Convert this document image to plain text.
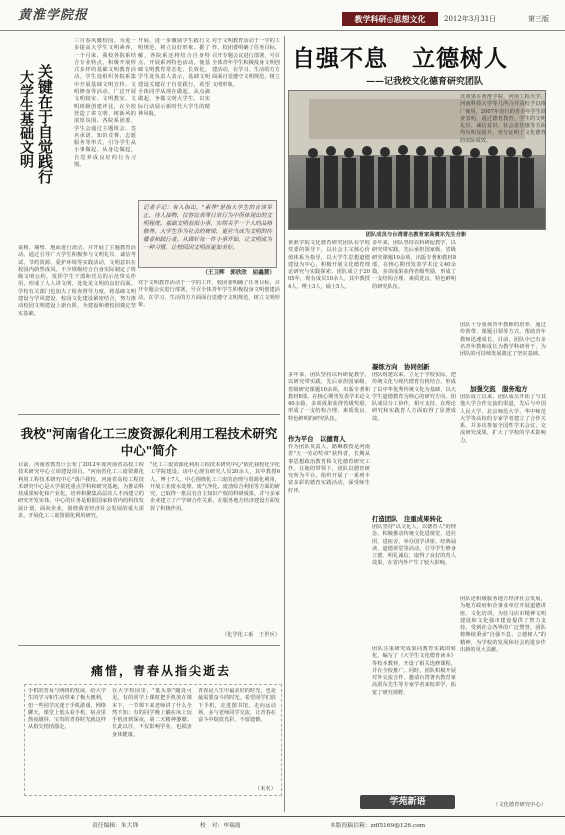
黄淮学院报	教学科研◎思想文化	2012年3月31日	第三版
关键在于自觉践行
大学生基础文明
三月春风暖校园。为进一步提高大学生文明素养，一个月来，我校各院系结合专业特点，积极开展形式多样的基础文明教育活动。学生处组织各院系集中开展基础文明宣传、文明修身等活动，广泛开展文明寝室、文明教室、文明班级创建评比，在全校营造了讲文明、树新风的浓厚氛围。各院系团委、学生会通过主题班会、签名承诺、知识竞赛、志愿服务等形式，引导学生从小事做起、从身边做起，自觉养成良好的行为习惯。
桌椅、墙壁、地面进行清洁，并开展了主题教育活动。通过引导广大学生积极参与文明礼仪、诚信考试、节约资源、爱护环境等实践活动，文明意识在校园内蔚然成风。不少班级结合自身实际制定了班级文明公约，发挥学生干部和党员的示范带头作用，形成了人人讲文明、处处见文明的良好局面。学校有关部门也加大了检查督导力度，将基础文明建设与学风建设、校园文化建设紧密结合，努力推动校园文明建设上新台阶，为建设和谐校园奠定坚实基础。
开展，进一步激励学生践行文明规范，树立良好形象。据了解，各院系还将结合自身特点，开展系列特色活动，使基础文明教育常态化、长效化。学生处负责人表示，基础文明建设关键在于自觉践行，希望全体同学从现在做起，从点滴做起，争做文明大学生，以实际行动展示新时代大学生的精神风貌。
对于文明教育活动于一学的工作，校团委明确了任务目标，召开专题会议进行部署，号召全体青年学生积极投身文明创建活动，在学习、生活的方方面面自觉遵守文明规范，树立文明形象。
记者手记：有人指出，"素养"是指大学生的言谈举止、待人接物、仪容仪表等日常行为中所体现出的文明程度。基础文明看似小事，实则关乎一个人的品格修养。大学生作为社会的栋梁，更应当成为文明的传播者和践行者。从做好每一件小事开始，让文明成为一种习惯，让校园因文明而更加美好。
（王卫辉　郭欣欣　屈鑫慧）
对于文明教育活动于一学的工作，校团委明确了任务目标，召开专题会议进行部署，号召全体青年学生积极投身文明创建活动，在学习、生活的方方面面自觉遵守文明规范，树立文明形象。
我校"河南省化工三废资源化利用工程技术研究中心"简介
目前，河南省教育厅公布了2012年度河南省高校工程技术研究中心立项建设项目。"河南省化工三废资源化利用工程技术研究中心"落户我校。河南省高校工程技术研究中心是大学依托重点学科和研究基地，为推动科技成果转化和产业化，培养和聚集高层次人才而建立的研究开发实体。中心的任务是根据国家和省内的科技发展计划，面向企业，围绕我省经济社会发展的重大需求，开展化工三废资源化利用研究。
"化工三废资源化利用工程技术研究中心"依托我校化学化工学院建设。该中心现有研究人员20余人，其中教授6人，博士7人。中心围绕化工三废的治理与资源化利用，开展工业废水处理、废气净化、废渣综合利用等方面的研究，已取得一批具有自主知识产权的科研成果，并与多家企业建立了产学研合作关系，在服务地方经济建设方面发挥了积极作用。
（化学化工系　王世兵）
痛惜，青春从指尖逝去
手机的普及与网络的发展，给大学生的学习和生活带来了极大便利，但一些同学沉迷于手机游戏、网络聊天，课堂上低头看手机，宿舍里熬夜刷屏，宝贵的青春时光就这样从指尖悄悄溜走。
在大学校园里，"低头族"随处可见。有的同学上课时把手机放在课本下，一节课下来老师讲了什么全然不知；有的同学晚上躺在床上玩手机直到深夜，第二天精神萎靡。长此以往，不仅影响学业，也损害身体健康。
青春是人生中最美好的时光，也是最需要奋斗的时光。希望同学们放下手机，走进图书馆，走向运动场，多与老师同学交流，让青春在奋斗中绽放光彩，不留遗憾。
（未名）
自强不息　立德树人
——记我校文化德育研究团队
团队成员与台湾著名教育家高震东先生合影
黄淮学院文化德育研究团队在学校党委的领导下，以社会主义核心价值体系为指导，以大学生思想道德建设为中心，积极开展文化德育理论研究与实践探索。团队成立于2005年，现有成员10余人，其中教授4人，博士3人，硕士5人。
多年来，团队坚持以科研促教学，以研究带实践，先后承担国家级、省级研究课题10余项，出版专著和教材8部，在核心期刊发表学术论文40余篇，多项成果获得省级奖励，形成了一支结构合理、素质优良、特色鲜明的研究队伍。
作为平台　以德育人
作为团队负责人，路琳教授是河南省"五一劳动奖章"获得者，长期从事思想政治教育和文化德育研究工作。在她的带领下，团队以德育研究所为平台，组织开展了一系列丰富多彩的德育实践活动，深受师生好评。
多年来，团队坚持以科研促教学，以研究带实践，先后承担国家级、省级研究课题10余项，出版专著和教材8部，在核心期刊发表学术论文40余篇，多项成果获得省级奖励，形成了一支结构合理、素质优良、特色鲜明的研究队伍。
凝练方向　协同创新
团队组建以来，立足于学校实际，把传统文化与现代德育有机结合，形成了以中华优秀传统文化为基础、以大学生道德教育为核心的研究方向。团队成员分工协作，相互支持，在理论研究和实践育人方面取得了显著成效。
打造团队　注重成果转化
团队坚持"以文化人、以德育人"的理念，积极推动传统文化进课堂、进社团、进宿舍，举办国学讲座、经典诵读、道德讲堂等活动，引导学生修身立德、明礼诚信，取得了良好的育人效果，在省内外产生了较大影响。
团队注重研究成果向教育实践的转化，编写了《大学生文化德育读本》等校本教材，开设了相关选修课程，并在全校推广。同时，团队积极开展对外交流合作，邀请台湾著名教育家高震东先生等专家学者来校讲学，拓宽了研究视野。
其成果在黄淮学院、河南工程大学、河南科技大学等几所合并高校予以推广使用。2007年进行的青少年学生调查表明，通过德育教育，学生的文明礼仪、诚信意识、社会责任感等方面均有明显提升，充分证明了文化德育的实际成效。
团队十分重视青年教师的培养，通过传帮带、课题引领等方式，帮助青年教师迅速成长。目前，团队中已有多名青年教师成长为教学科研骨干，为团队的可持续发展奠定了坚实基础。
加强交流　服务地方
团队成立以来，团队成员开拓了与其他大学合作交流的渠道，先后与中国人民大学、北京师范大学、华中师范大学等高校的专家学者建立了合作关系，并多次参加全国性学术会议，交流研究成果，扩大了学校的学术影响力。
团队还积极服务地方经济社会发展，为地方政府和企事业单位开展道德讲座、文化培训，为驻马店市精神文明建设和文化强市建设提供了智力支持，受到社会各界的广泛赞誉。团队将继续秉承"自强不息、立德树人"的精神，为学校的发展和社会的进步作出新的更大贡献。
（文化德育研究中心）
学苑新语
责任编辑：朱大锋	校　对：申瑞霞	本版投稿信箱：zdf5169@126.com
